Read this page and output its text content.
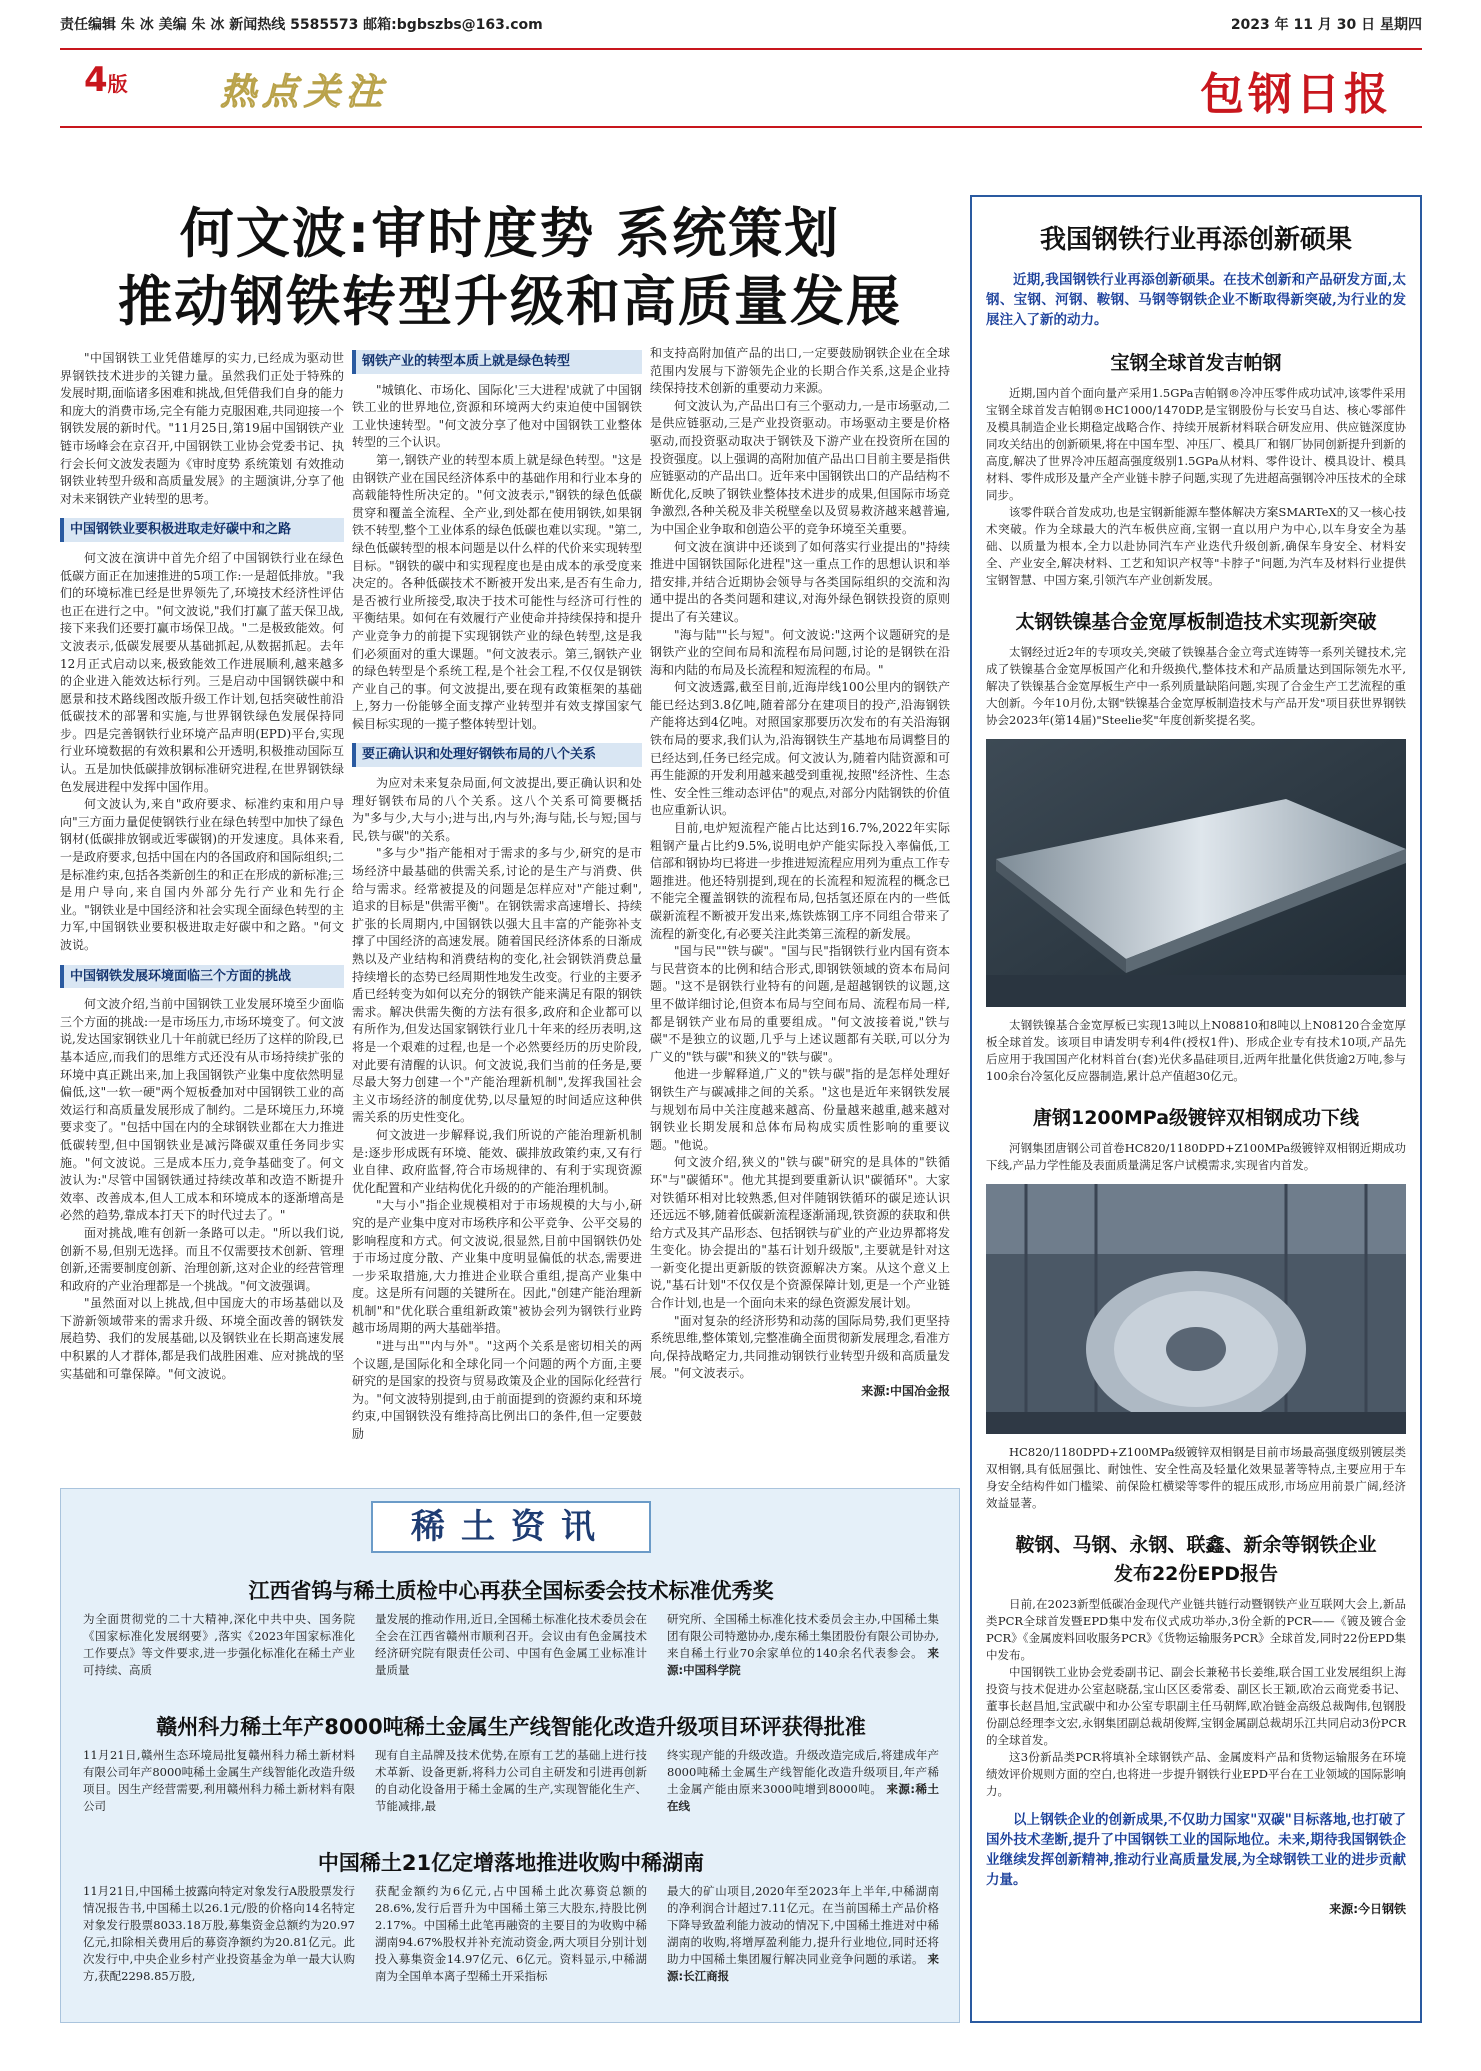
责任编辑 朱 冰 美编 朱 冰 新闻热线 5585573 邮箱:bgbszbs@163.com	2023 年 11 月 30 日 星期四
4版	热点关注	包钢日报
何文波:审时度势 系统策划
推动钢铁转型升级和高质量发展

"中国钢铁工业凭借雄厚的实力,已经成为驱动世界钢铁技术进步的关键力量。虽然我们正处于特殊的发展时期,面临诸多困难和挑战,但凭借我们自身的能力和庞大的消费市场,完全有能力克服困难,共同迎接一个钢铁发展的新时代。"11月25日,第19届中国钢铁产业链市场峰会在京召开,中国钢铁工业协会党委书记、执行会长何文波发表题为《审时度势 系统策划 有效推动钢铁业转型升级和高质量发展》的主题演讲,分享了他对未来钢铁产业转型的思考。

中国钢铁业要积极进取走好碳中和之路

何文波在演讲中首先介绍了中国钢铁行业在绿色低碳方面正在加速推进的5项工作:一是超低排放。"我们的环境标准已经是世界领先了,环境技术经济性评估也正在进行之中。"何文波说,"我们打赢了蓝天保卫战,接下来我们还要打赢市场保卫战。"二是极致能效。何文波表示,低碳发展要从基础抓起,从数据抓起。去年12月正式启动以来,极致能效工作进展顺利,越来越多的企业进入能效达标行列。三是启动中国钢铁碳中和愿景和技术路线图改版升级工作计划,包括突破性前沿低碳技术的部署和实施,与世界钢铁绿色发展保持同步。四是完善钢铁行业环境产品声明(EPD)平台,实现行业环境数据的有效积累和公开透明,积极推动国际互认。五是加快低碳排放钢标准研究进程,在世界钢铁绿色发展进程中发挥中国作用。

何文波认为,来自"政府要求、标准约束和用户导向"三方面力量促使钢铁行业在绿色转型中加快了绿色钢材(低碳排放钢或近零碳钢)的开发速度。具体来看,一是政府要求,包括中国在内的各国政府和国际组织;二是标准约束,包括各类新创生的和正在形成的新标准;三是用户导向,来自国内外部分先行产业和先行企业。"钢铁业是中国经济和社会实现全面绿色转型的主力军,中国钢铁业要积极进取走好碳中和之路。"何文波说。

中国钢铁发展环境面临三个方面的挑战

何文波介绍,当前中国钢铁工业发展环境至少面临三个方面的挑战:一是市场压力,市场环境变了。何文波说,发达国家钢铁业几十年前就已经历了这样的阶段,已基本适应,而我们的思维方式还没有从市场持续扩张的环境中真正跳出来,加上我国钢铁产业集中度依然明显偏低,这"一软一硬"两个短板叠加对中国钢铁工业的高效运行和高质量发展形成了制约。二是环境压力,环境要求变了。"包括中国在内的全球钢铁业都在大力推进低碳转型,但中国钢铁业是减污降碳双重任务同步实施。"何文波说。三是成本压力,竞争基础变了。何文波认为:"尽管中国钢铁通过持续改革和改造不断提升效率、改善成本,但人工成本和环境成本的逐渐增高是必然的趋势,靠成本打天下的时代过去了。"

面对挑战,唯有创新一条路可以走。"所以我们说,创新不易,但别无选择。而且不仅需要技术创新、管理创新,还需要制度创新、治理创新,这对企业的经营管理和政府的产业治理都是一个挑战。"何文波强调。

"虽然面对以上挑战,但中国庞大的市场基础以及下游新领域带来的需求升级、环境全面改善的钢铁发展趋势、我们的发展基础,以及钢铁业在长期高速发展中积累的人才群体,都是我们战胜困难、应对挑战的坚实基础和可靠保障。"何文波说。

钢铁产业的转型本质上就是绿色转型

"城镇化、市场化、国际化'三大进程'成就了中国钢铁工业的世界地位,资源和环境两大约束迫使中国钢铁工业快速转型。"何文波分享了他对中国钢铁工业整体转型的三个认识。

第一,钢铁产业的转型本质上就是绿色转型。"这是由钢铁产业在国民经济体系中的基础作用和行业本身的高载能特性所决定的。"何文波表示,"钢铁的绿色低碳贯穿和覆盖全流程、全产业,到处都在使用钢铁,如果钢铁不转型,整个工业体系的绿色低碳也难以实现。"第二,绿色低碳转型的根本问题是以什么样的代价来实现转型目标。"钢铁的碳中和实现程度也是由成本的承受度来决定的。各种低碳技术不断被开发出来,是否有生命力,是否被行业所接受,取决于技术可能性与经济可行性的平衡结果。如何在有效履行产业使命并持续保持和提升产业竞争力的前提下实现钢铁产业的绿色转型,这是我们必须面对的重大课题。"何文波表示。第三,钢铁产业的绿色转型是个系统工程,是个社会工程,不仅仅是钢铁产业自己的事。何文波提出,要在现有政策框架的基础上,努力一份能够全面支撑产业转型并有效支撑国家气候目标实现的一揽子整体转型计划。

要正确认识和处理好钢铁布局的八个关系

为应对未来复杂局面,何文波提出,要正确认识和处理好钢铁布局的八个关系。这八个关系可简要概括为"多与少,大与小;进与出,内与外;海与陆,长与短;国与民,铁与碳"的关系。

"多与少"指产能相对于需求的多与少,研究的是市场经济中最基础的供需关系,讨论的是生产与消费、供给与需求。经常被提及的问题是怎样应对"产能过剩",追求的目标是"供需平衡"。在钢铁需求高速增长、持续扩张的长周期内,中国钢铁以强大且丰富的产能弥补支撑了中国经济的高速发展。随着国民经济体系的日渐成熟以及产业结构和消费结构的变化,社会钢铁消费总量持续增长的态势已经周期性地发生改变。行业的主要矛盾已经转变为如何以充分的钢铁产能来满足有限的钢铁需求。解决供需失衡的方法有很多,政府和企业都可以有所作为,但发达国家钢铁行业几十年来的经历表明,这将是一个艰难的过程,也是一个必然要经历的历史阶段,对此要有清醒的认识。何文波说,我们当前的任务是,要尽最大努力创建一个"产能治理新机制",发挥我国社会主义市场经济的制度优势,以尽量短的时间适应这种供需关系的历史性变化。

何文波进一步解释说,我们所说的产能治理新机制是:逐步形成既有环境、能效、碳排放政策约束,又有行业自律、政府监督,符合市场规律的、有利于实现资源优化配置和产业结构优化升级的的产能治理机制。

"大与小"指企业规模相对于市场规模的大与小,研究的是产业集中度对市场秩序和公平竞争、公平交易的影响程度和方式。何文波说,很显然,目前中国钢铁仍处于市场过度分散、产业集中度明显偏低的状态,需要进一步采取措施,大力推进企业联合重组,提高产业集中度。这是所有问题的关键所在。因此,"创建产能治理新机制"和"优化联合重组新政策"被协会列为钢铁行业跨越市场周期的两大基础举措。

"进与出""内与外"。"这两个关系是密切相关的两个议题,是国际化和全球化同一个问题的两个方面,主要研究的是国家的投资与贸易政策及企业的国际化经营行为。"何文波特别提到,由于前面提到的资源约束和环境约束,中国钢铁没有维持高比例出口的条件,但一定要鼓励

和支持高附加值产品的出口,一定要鼓励钢铁企业在全球范围内发展与下游领先企业的长期合作关系,这是企业持续保持技术创新的重要动力来源。

何文波认为,产品出口有三个驱动力,一是市场驱动,二是供应链驱动,三是产业投资驱动。市场驱动主要是价格驱动,而投资驱动取决于钢铁及下游产业在投资所在国的投资强度。以上强调的高附加值产品出口目前主要是指供应链驱动的产品出口。近年来中国钢铁出口的产品结构不断优化,反映了钢铁业整体技术进步的成果,但国际市场竞争激烈,各种关税及非关税壁垒以及贸易救济越来越普遍,为中国企业争取和创造公平的竞争环境至关重要。

何文波在演讲中还谈到了如何落实行业提出的"持续推进中国钢铁国际化进程"这一重点工作的思想认识和举措安排,并结合近期协会领导与各类国际组织的交流和沟通中提出的各类问题和建议,对海外绿色钢铁投资的原则提出了有关建议。

"海与陆""长与短"。何文波说:"这两个议题研究的是钢铁产业的空间布局和流程布局问题,讨论的是钢铁在沿海和内陆的布局及长流程和短流程的布局。"

何文波透露,截至目前,近海岸线100公里内的钢铁产能已经达到3.8亿吨,随着部分在建项目的投产,沿海钢铁产能将达到4亿吨。对照国家那要历次发布的有关沿海钢铁布局的要求,我们认为,沿海钢铁生产基地布局调整目的已经达到,任务已经完成。何文波认为,随着内陆资源和可再生能源的开发利用越来越受到重视,按照"经济性、生态性、安全性三维动态评估"的观点,对部分内陆钢铁的价值也应重新认识。

目前,电炉短流程产能占比达到16.7%,2022年实际粗钢产量占比约9.5%,说明电炉产能实际投入率偏低,工信部和钢协均已将进一步推进短流程应用列为重点工作专题推进。他还特别提到,现在的长流程和短流程的概念已不能完全覆盖钢铁的流程布局,包括氢还原在内的一些低碳新流程不断被开发出来,炼铁炼钢工序不同组合带来了流程的新变化,有必要关注此类第三流程的新发展。

"国与民""铁与碳"。"国与民"指钢铁行业内国有资本与民营资本的比例和结合形式,即钢铁领域的资本布局问题。"这不是钢铁行业特有的问题,是超越钢铁的议题,这里不做详细讨论,但资本布局与空间布局、流程布局一样,都是钢铁产业布局的重要组成。"何文波接着说,"铁与碳"不是独立的议题,几乎与上述议题都有关联,可以分为广义的"铁与碳"和狭义的"铁与碳"。

他进一步解释道,广义的"铁与碳"指的是怎样处理好钢铁生产与碳减排之间的关系。"这也是近年来钢铁发展与规划布局中关注度越来越高、份量越来越重,越来越对钢铁业长期发展和总体布局构成实质性影响的重要议题。"他说。

何文波介绍,狭义的"铁与碳"研究的是具体的"铁循环"与"碳循环"。他尤其提到要重新认识"碳循环"。大家对铁循环相对比较熟悉,但对伴随钢铁循环的碳足迹认识还远远不够,随着低碳新流程逐渐涌现,铁资源的获取和供给方式及其产品形态、包括钢铁与矿业的产业边界都将发生变化。协会提出的"基石计划升级版",主要就是针对这一新变化提出更新版的铁资源解决方案。从这个意义上说,"基石计划"不仅仅是个资源保障计划,更是一个产业链合作计划,也是一个面向未来的绿色资源发展计划。

"面对复杂的经济形势和动荡的国际局势,我们更坚持系统思维,整体策划,完整准确全面贯彻新发展理念,看准方向,保持战略定力,共同推动钢铁行业转型升级和高质量发展。"何文波表示。

来源:中国冶金报
我国钢铁行业再添创新硕果
近期,我国钢铁行业再添创新硕果。在技术创新和产品研发方面,太钢、宝钢、河钢、鞍钢、马钢等钢铁企业不断取得新突破,为行业的发展注入了新的动力。
宝钢全球首发吉帕钢
近期,国内首个面向量产采用1.5GPa吉帕钢®冷冲压零件成功试冲,该零件采用宝钢全球首发吉帕钢®HC1000/1470DP,是宝钢股份与长安马自达、核心零部件及模具制造企业长期稳定战略合作、持续开展新材料联合研发应用、供应链深度协同攻关结出的创新硕果,将在中国车型、冲压厂、模具厂和钢厂协同创新提升到新的高度,解决了世界冷冲压超高强度级别1.5GPa从材料、零件设计、模具设计、模具材料、零件成形及量产全产业链卡脖子问题,实现了先进超高强钢冷冲压技术的全球同步。
该零件联合首发成功,也是宝钢新能源车整体解决方案SMARTeX的又一核心技术突破。作为全球最大的汽车板供应商,宝钢一直以用户为中心,以车身安全为基础、以质量为根本,全力以赴协同汽车产业迭代升级创新,确保车身安全、材料安全、产业安全,解决材料、工艺和知识产权等"卡脖子"问题,为汽车及材料行业提供宝钢智慧、中国方案,引领汽车产业创新发展。
太钢铁镍基合金宽厚板制造技术实现新突破
太钢经过近2年的专项攻关,突破了铁镍基合金立弯式连铸等一系列关键技术,完成了铁镍基合金宽厚板国产化和升级换代,整体技术和产品质量达到国际领先水平,解决了铁镍基合金宽厚板生产中一系列质量缺陷问题,实现了合金生产工艺流程的重大创新。今年10月份,太钢"铁镍基合金宽厚板制造技术与产品开发"项目获世界钢铁协会2023年(第14届)"Steelie奖"年度创新奖提名奖。
太钢铁镍基合金宽厚板已实现13吨以上N08810和8吨以上N08120合金宽厚板全球首发。该项目申请发明专利4件(授权1件)、形成企业专有技术10项,产品先后应用于我国国产化材料首台(套)光伏多晶硅项目,近两年批量化供货逾2万吨,参与100余台冷氢化反应器制造,累计总产值超30亿元。
唐钢1200MPa级镀锌双相钢成功下线
河钢集团唐钢公司首卷HC820/1180DPD+Z100MPa级镀锌双相钢近期成功下线,产品力学性能及表面质量满足客户试模需求,实现省内首发。
HC820/1180DPD+Z100MPa级镀锌双相钢是目前市场最高强度级别镀层类双相钢,具有低屈强比、耐蚀性、安全性高及轻量化效果显著等特点,主要应用于车身安全结构件如门槛梁、前保险杠横梁等零件的辊压成形,市场应用前景广阔,经济效益显著。
鞍钢、马钢、永钢、联鑫、新余等钢铁企业
发布22份EPD报告
日前,在2023新型低碳冶金现代产业链共链行动暨钢铁产业互联网大会上,新品类PCR全球首发暨EPD集中发布仪式成功举办,3份全新的PCR——《镀及镀合金PCR》《金属废料回收服务PCR》《货物运输服务PCR》全球首发,同时22份EPD集中发布。
中国钢铁工业协会党委副书记、副会长兼秘书长姜维,联合国工业发展组织上海投资与技术促进办公室赵晓磊,宝山区区委常委、副区长王颖,欧冶云商党委书记、董事长赵昌旭,宝武碳中和办公室专职副主任马朝辉,欧冶链金高级总裁陶伟,包钢股份副总经理李文宏,永钢集团副总裁胡俊辉,宝钢金属副总裁胡乐江共同启动3份PCR的全球首发。
这3份新品类PCR将填补全球钢铁产品、金属废料产品和货物运输服务在环境绩效评价规则方面的空白,也将进一步提升钢铁行业EPD平台在工业领域的国际影响力。
以上钢铁企业的创新成果,不仅助力国家"双碳"目标落地,也打破了国外技术垄断,提升了中国钢铁工业的国际地位。未来,期待我国钢铁企业继续发挥创新精神,推动行业高质量发展,为全球钢铁工业的进步贡献力量。
来源:今日钢铁
稀土资讯
江西省钨与稀土质检中心再获全国标委会技术标准优秀奖
为全面贯彻党的二十大精神,深化中共中央、国务院《国家标准化发展纲要》,落实《2023年国家标准化工作要点》等文件要求,进一步强化标准化在稀土产业可持续、高质
量发展的推动作用,近日,全国稀土标准化技术委员会在全会在江西省赣州市顺利召开。会议由有色金属技术经济研究院有限责任公司、中国有色金属工业标准计量质量
研究所、全国稀土标准化技术委员会主办,中国稀土集团有限公司特邀协办,虔东稀土集团股份有限公司协办,来自稀土行业70余家单位的140余名代表参会。 来源:中国科学院
赣州科力稀土年产8000吨稀土金属生产线智能化改造升级项目环评获得批准
11月21日,赣州生态环境局批复赣州科力稀土新材料有限公司年产8000吨稀土金属生产线智能化改造升级项目。因生产经营需要,利用赣州科力稀土新材料有限公司
现有自主品牌及技术优势,在原有工艺的基础上进行技术革新、设备更新,将科力公司自主研发和引进再创新的自动化设备用于稀土金属的生产,实现智能化生产、节能减排,最
终实现产能的升级改造。升级改造完成后,将建成年产8000吨稀土金属生产线智能化改造升级项目,年产稀土金属产能由原来3000吨增到8000吨。 来源:稀土在线
中国稀土21亿定增落地推进收购中稀湖南
11月21日,中国稀土披露向特定对象发行A股股票发行情况报告书,中国稀土以26.1元/股的价格向14名特定对象发行股票8033.18万股,募集资金总额约为20.97亿元,扣除相关费用后的募资净额约为20.81亿元。此次发行中,中央企业乡村产业投资基金为单一最大认购方,获配2298.85万股,
获配金额约为6亿元,占中国稀土此次募资总额的28.6%,发行后晋升为中国稀土第三大股东,持股比例2.17%。中国稀土此笔再融资的主要目的为收购中稀湖南94.67%股权并补充流动资金,两大项目分别计划投入募集资金14.97亿元、6亿元。资料显示,中稀湖南为全国单本离子型稀土开采指标
最大的矿山项目,2020年至2023年上半年,中稀湖南的净利润合计超过7.11亿元。在当前国稀土产品价格下降导致盈利能力波动的情况下,中国稀土推进对中稀湖南的收购,将增厚盈利能力,提升行业地位,同时还将助力中国稀土集团履行解决同业竞争问题的承诺。 来源:长江商报
